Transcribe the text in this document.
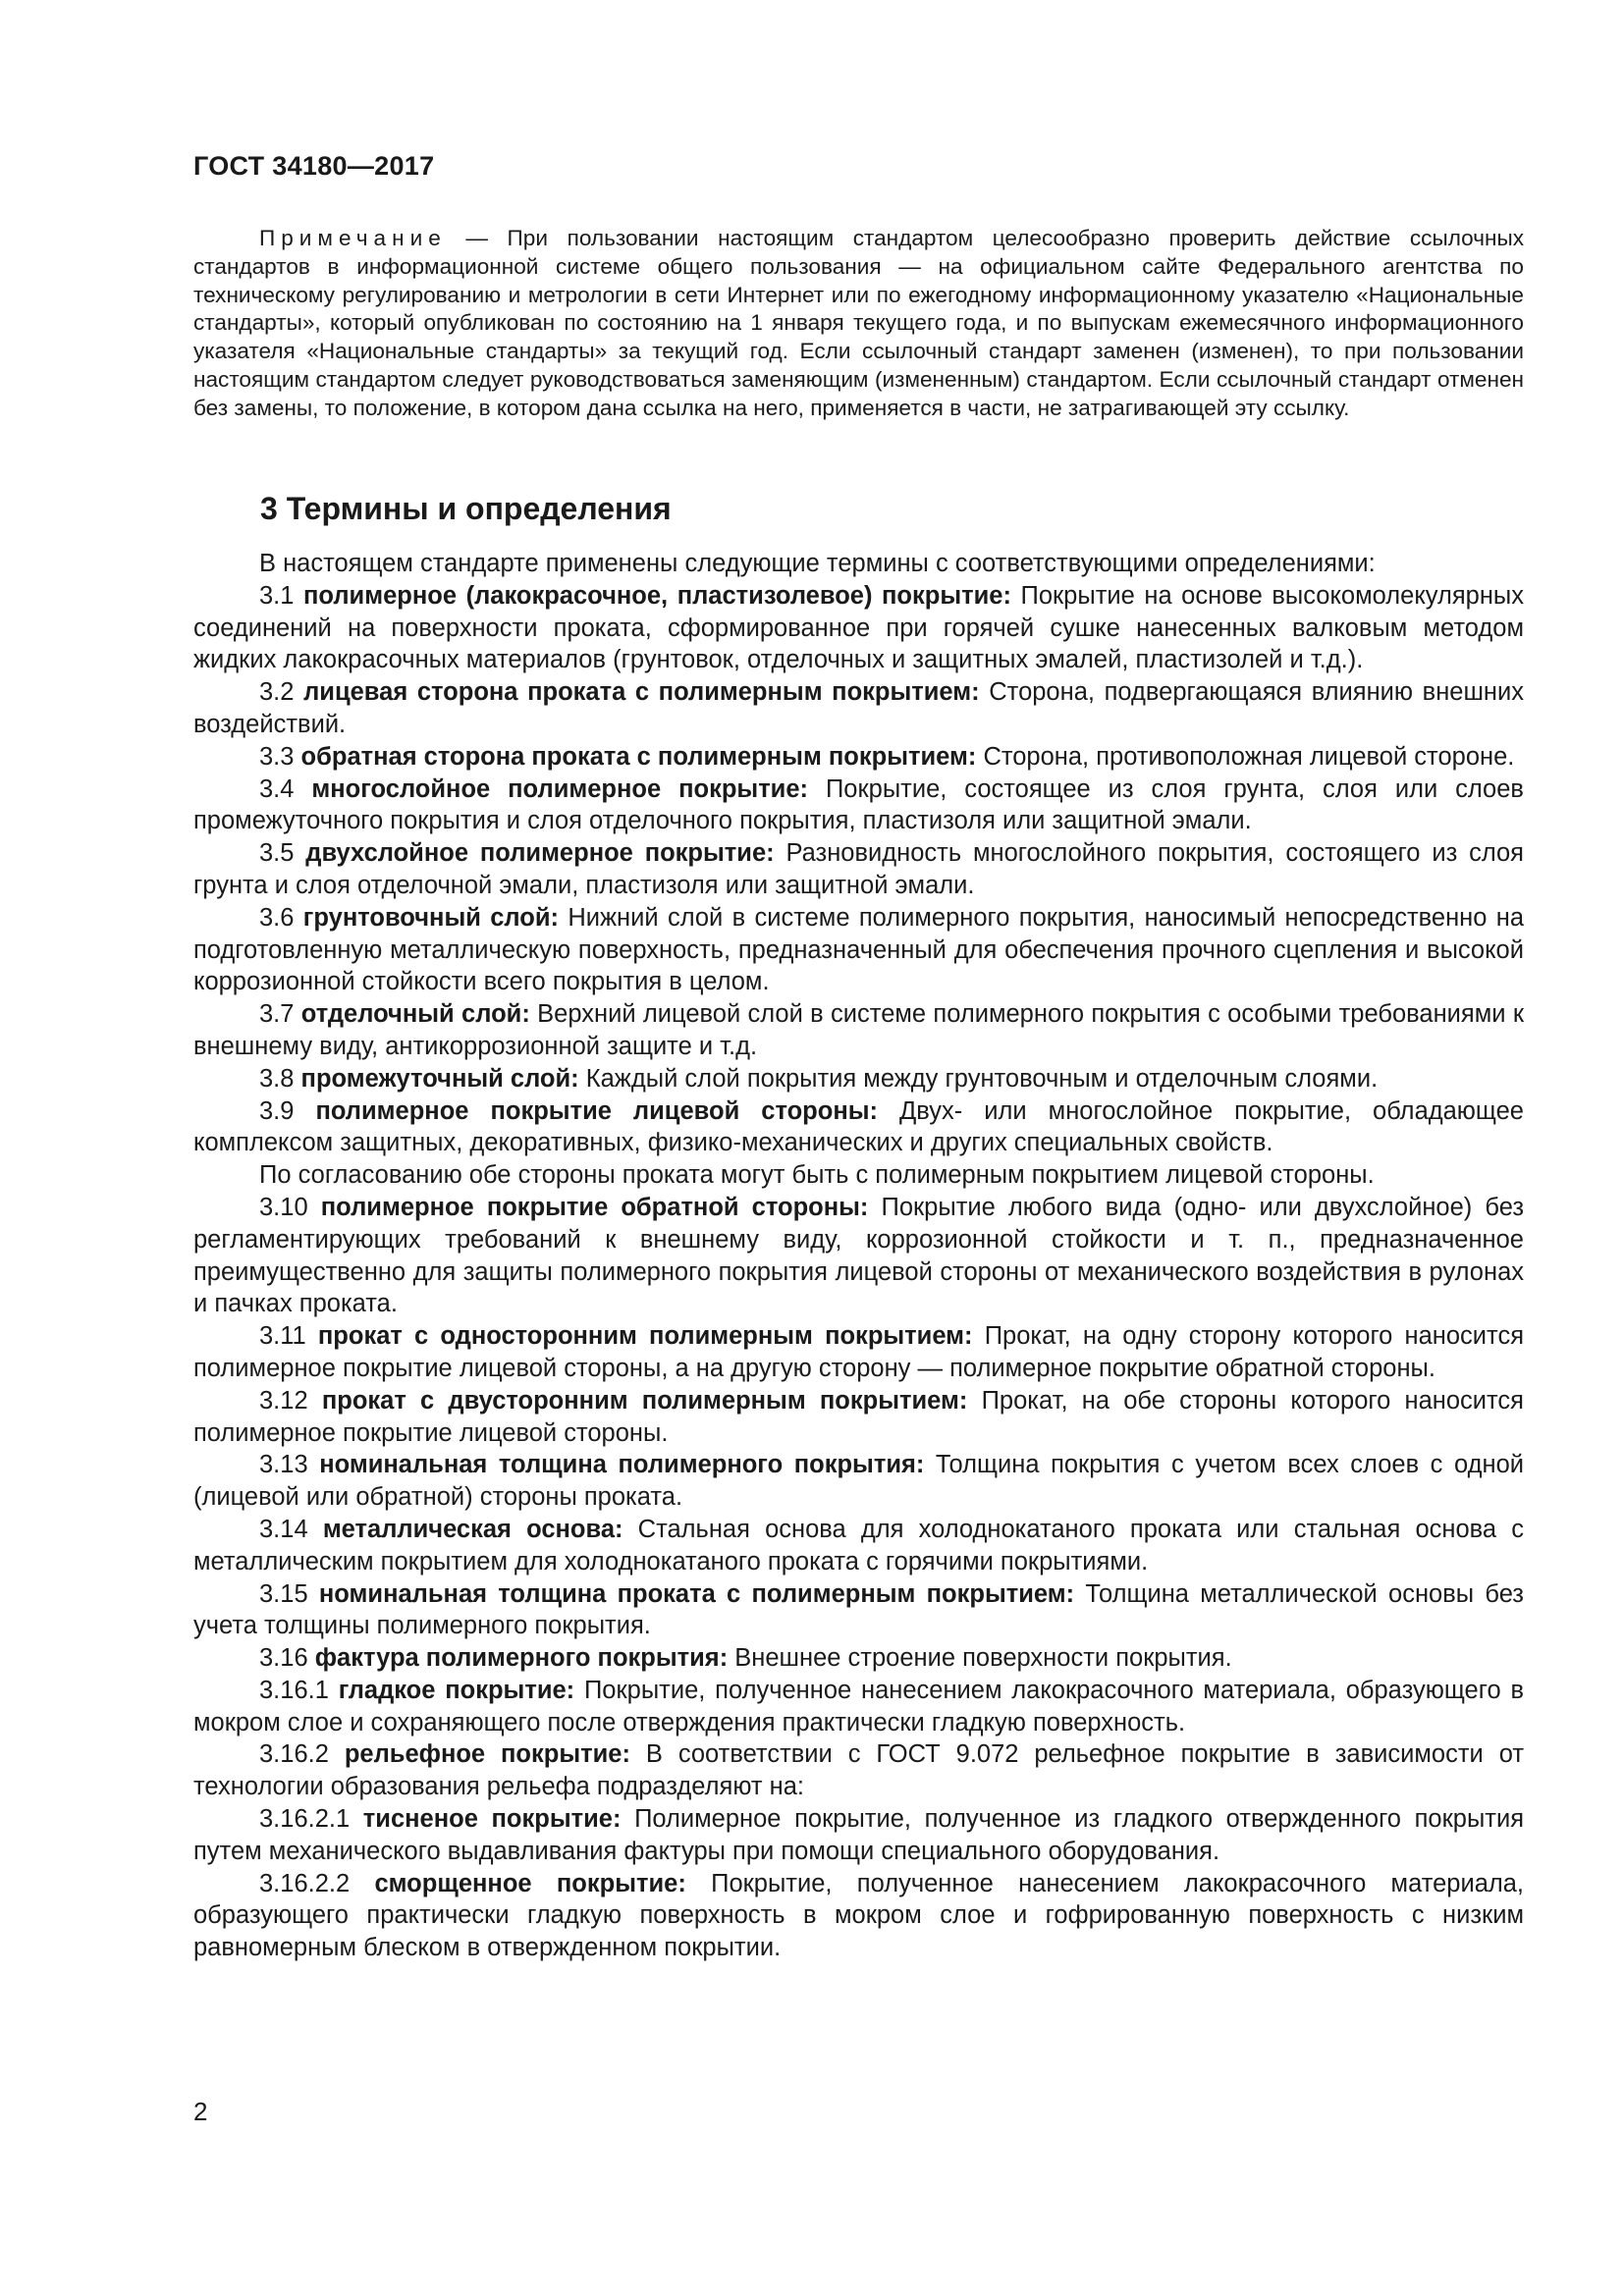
ГОСТ 34180—2017

Примечание — При пользовании настоящим стандартом целесообразно проверить действие ссылочных стандартов в информационной системе общего пользования — на официальном сайте Федерального агентства по техническому регулированию и метрологии в сети Интернет или по ежегодному информационному указателю «Национальные стандарты», который опубликован по состоянию на 1 января текущего года, и по выпускам ежемесячного информационного указателя «Национальные стандарты» за текущий год. Если ссылочный стандарт заменен (изменен), то при пользовании настоящим стандартом следует руководствоваться заменяющим (измененным) стандартом. Если ссылочный стандарт отменен без замены, то положение, в котором дана ссылка на него, применяется в части, не затрагивающей эту ссылку.

3 Термины и определения

В настоящем стандарте применены следующие термины с соответствующими определениями:

3.1 полимерное (лакокрасочное, пластизолевое) покрытие: Покрытие на основе высокомолекулярных соединений на поверхности проката, сформированное при горячей сушке нанесенных валковым методом жидких лакокрасочных материалов (грунтовок, отделочных и защитных эмалей, пластизолей и т.д.).

3.2 лицевая сторона проката с полимерным покрытием: Сторона, подвергающаяся влиянию внешних воздействий.

3.3 обратная сторона проката с полимерным покрытием: Сторона, противоположная лицевой стороне.

3.4 многослойное полимерное покрытие: Покрытие, состоящее из слоя грунта, слоя или слоев промежуточного покрытия и слоя отделочного покрытия, пластизоля или защитной эмали.

3.5 двухслойное полимерное покрытие: Разновидность многослойного покрытия, состоящего из слоя грунта и слоя отделочной эмали, пластизоля или защитной эмали.

3.6 грунтовочный слой: Нижний слой в системе полимерного покрытия, наносимый непосредственно на подготовленную металлическую поверхность, предназначенный для обеспечения прочного сцепления и высокой коррозионной стойкости всего покрытия в целом.

3.7 отделочный слой: Верхний лицевой слой в системе полимерного покрытия с особыми требованиями к внешнему виду, антикоррозионной защите и т.д.

3.8 промежуточный слой: Каждый слой покрытия между грунтовочным и отделочным слоями.

3.9 полимерное покрытие лицевой стороны: Двух- или многослойное покрытие, обладающее комплексом защитных, декоративных, физико-механических и других специальных свойств.

По согласованию обе стороны проката могут быть с полимерным покрытием лицевой стороны.

3.10 полимерное покрытие обратной стороны: Покрытие любого вида (одно- или двухслойное) без регламентирующих требований к внешнему виду, коррозионной стойкости и т. п., предназначенное преимущественно для защиты полимерного покрытия лицевой стороны от механического воздействия в рулонах и пачках проката.

3.11 прокат с односторонним полимерным покрытием: Прокат, на одну сторону которого наносится полимерное покрытие лицевой стороны, а на другую сторону — полимерное покрытие обратной стороны.

3.12 прокат с двусторонним полимерным покрытием: Прокат, на обе стороны которого наносится полимерное покрытие лицевой стороны.

3.13 номинальная толщина полимерного покрытия: Толщина покрытия с учетом всех слоев с одной (лицевой или обратной) стороны проката.

3.14 металлическая основа: Стальная основа для холоднокатаного проката или стальная основа с металлическим покрытием для холоднокатаного проката с горячими покрытиями.

3.15 номинальная толщина проката с полимерным покрытием: Толщина металлической основы без учета толщины полимерного покрытия.

3.16 фактура полимерного покрытия: Внешнее строение поверхности покрытия.

3.16.1 гладкое покрытие: Покрытие, полученное нанесением лакокрасочного материала, образующего в мокром слое и сохраняющего после отверждения практически гладкую поверхность.

3.16.2 рельефное покрытие: В соответствии с ГОСТ 9.072 рельефное покрытие в зависимости от технологии образования рельефа подразделяют на:

3.16.2.1 тисненое покрытие: Полимерное покрытие, полученное из гладкого отвержденного покрытия путем механического выдавливания фактуры при помощи специального оборудования.

3.16.2.2 сморщенное покрытие: Покрытие, полученное нанесением лакокрасочного материала, образующего практически гладкую поверхность в мокром слое и гофрированную поверхность с низким равномерным блеском в отвержденном покрытии.

2
